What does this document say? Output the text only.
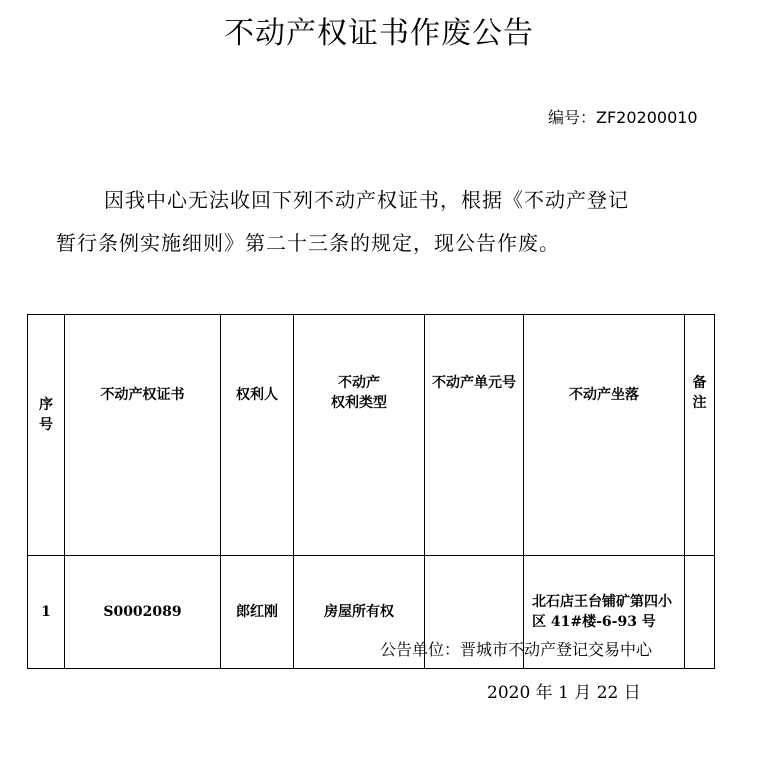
不动产权证书作废公告
编号：ZF20200010
因我中心无法收回下列不动产权证书，根据《不动产登记
暂行条例实施细则》第二十三条的规定，现公告作废。
序号	不动产权证书	权利人	不动产
权利类型	不动产单元号	不动产坐落	备注

1	S0002089	郎红刚	房屋所有权		北石店王台铺矿第四小区 41#楼-6-93 号	

公告单位：晋城市不动产登记交易中心
2020 年 1 月 22 日
